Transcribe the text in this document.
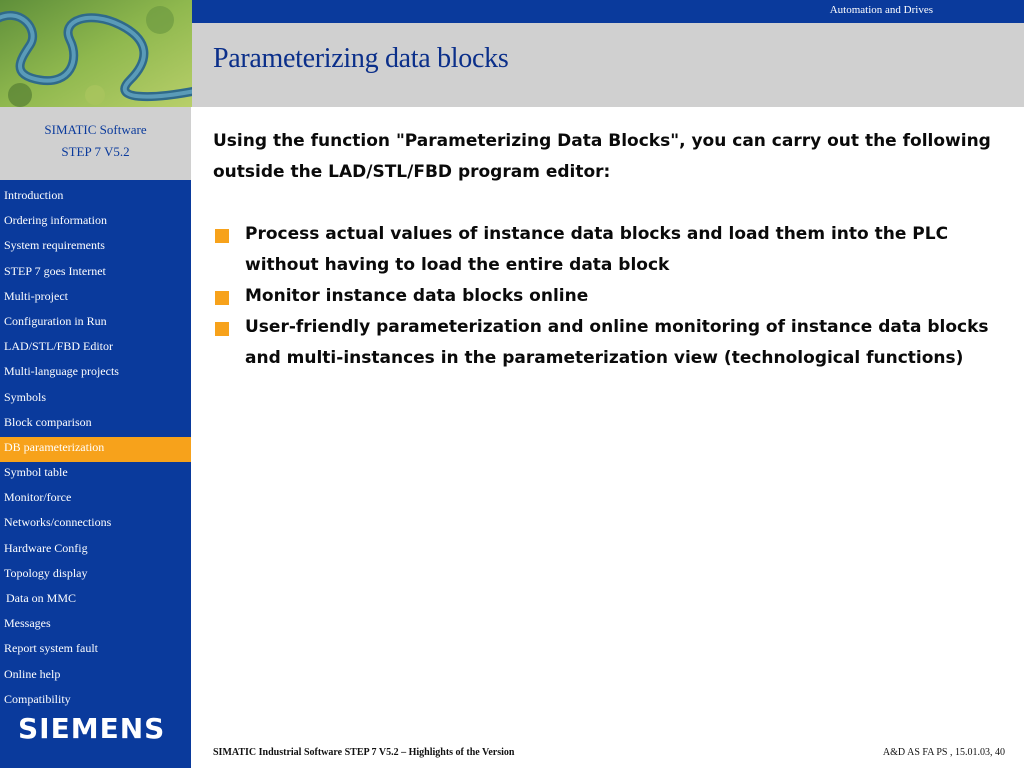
Automation and Drives
Parameterizing data blocks
SIMATIC Software
STEP 7 V5.2
Introduction
Ordering information
System requirements
STEP 7 goes Internet
Multi-project
Configuration in Run
LAD/STL/FBD Editor
Multi-language projects
Symbols
Block comparison
DB parameterization
Symbol table
Monitor/force
Networks/connections
Hardware Config
Topology display
Data on MMC
Messages
Report system fault
Online help
Compatibility
SIEMENS

Using the function "Parameterizing Data Blocks", you can carry out the following outside the LAD/STL/FBD program editor:

Process actual values of instance data blocks and load them into the PLC without having to load the entire data block
Monitor instance data blocks online
User-friendly parameterization and online monitoring of instance data blocks and multi-instances in the parameterization view (technological functions)
SIMATIC Industrial Software STEP 7 V5.2 – Highlights of the Version	A&D AS FA PS , 15.01.03, 40
